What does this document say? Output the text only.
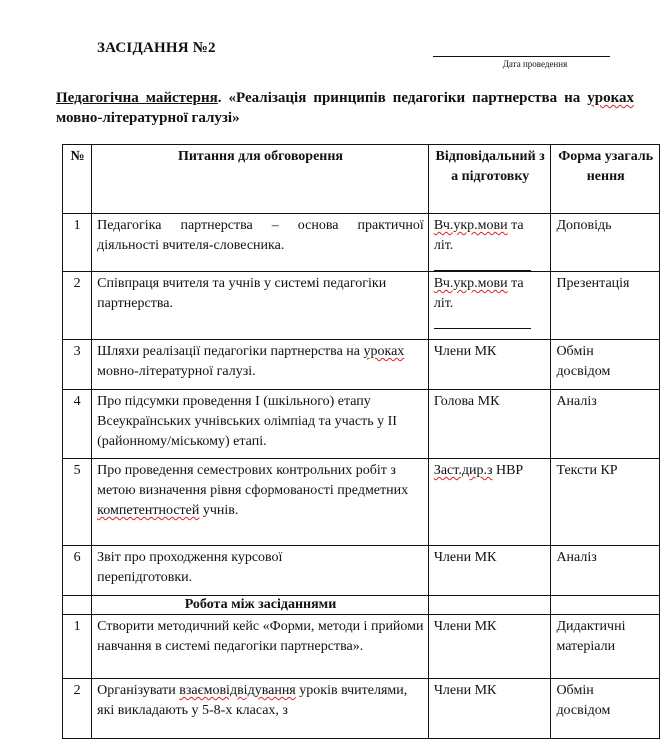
ЗАСІДАННЯ №2
Дата проведення
Педагогічна майстерня. «Реалізація принципів педагогіки партнерства на уроках мовно-літературної галузі»
№	Питання для обговорення	Відповідальний за підготовку	Форма узагальнення
1	Педагогіка партнерства – основа практичної діяльності вчителя-словесника.	Вч.укр.мови та літ.	Доповідь
2	Співпраця вчителя та учнів у системі педагогіки партнерства.	Вч.укр.мови та літ.	Презентація
3	Шляхи реалізації педагогіки партнерства на уроках мовно-літературної галузі.	Члени МК	Обмін досвідом
4	Про підсумки проведення І (шкільного) етапу Всеукраїнських учнівських олімпіад та участь у ІІ (районному/міському) етапі.	Голова МК	Аналіз
5	Про проведення семестрових контрольних робіт з метою визначення рівня сформованості предметних компетентностей учнів.	Заст.дир.з НВР	Тексти КР
6	Звіт про проходження курсової перепідготовки.	Члени МК	Аналіз
	Робота між засіданнями		
1	Створити методичний кейс «Форми, методи і прийоми навчання в системі педагогіки партнерства».	Члени МК	Дидактичні матеріали
2	Організувати взаємовідвідування уроків вчителями, які викладають у 5-8-х класах, з	Члени МК	Обмін досвідом
